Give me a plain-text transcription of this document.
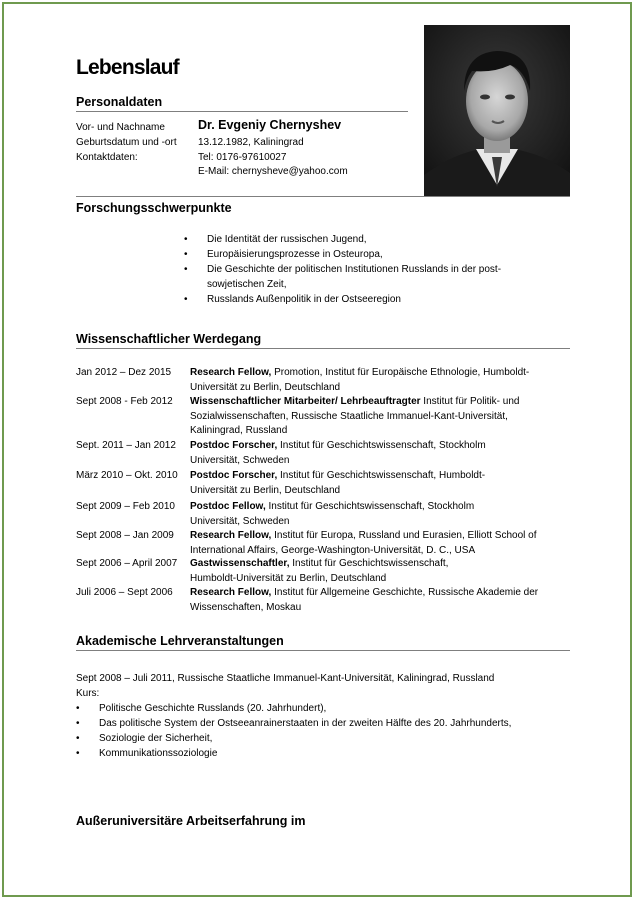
Lebenslauf
Personaldaten
Vor- und Nachname
Geburtsdatum und -ort
Kontaktdaten:
Dr. Evgeniy Chernyshev
13.12.1982, Kaliningrad
Tel: 0176-97610027
E-Mail: chernysheve@yahoo.com
Forschungsschwerpunkte
• Die Identität der russischen Jugend,
• Europäisierungsprozesse in Osteuropa,
• Die Geschichte der politischen Institutionen Russlands in der post-sowjetischen Zeit,
• Russlands Außenpolitik in der Ostseeregion
Wissenschaftlicher Werdegang
Jan 2012 – Dez 2015 Research Fellow, Promotion, Institut für Europäische Ethnologie, Humboldt-Universität zu Berlin, Deutschland
Sept 2008 - Feb 2012 Wissenschaftlicher Mitarbeiter/ Lehrbeauftragter Institut für Politik- und Sozialwissenschaften, Russische Staatliche Immanuel-Kant-Universität, Kaliningrad, Russland
Sept. 2011 – Jan 2012 Postdoc Forscher, Institut für Geschichtswissenschaft, Stockholm Universität, Schweden
März 2010 – Okt. 2010 Postdoc Forscher, Institut für Geschichtswissenschaft, Humboldt-Universität zu Berlin, Deutschland
Sept 2009 – Feb 2010 Postdoc Fellow, Institut für Geschichtswissenschaft, Stockholm Universität, Schweden
Sept 2008 – Jan 2009 Research Fellow, Institut für Europa, Russland und Eurasien, Elliott School of International Affairs, George-Washington-Universität, D. C., USA
Sept 2006 – April 2007 Gastwissenschaftler, Institut für Geschichtswissenschaft, Humboldt-Universität zu Berlin, Deutschland
Juli 2006 – Sept 2006 Research Fellow, Institut für Allgemeine Geschichte, Russische Akademie der Wissenschaften, Moskau
Akademische Lehrveranstaltungen
Sept 2008 – Juli 2011, Russische Staatliche Immanuel-Kant-Universität, Kaliningrad, Russland
Kurs:
• Politische Geschichte Russlands (20. Jahrhundert),
• Das politische System der Ostseeanrainerstaaten in der zweiten Hälfte des 20. Jahrhunderts,
• Soziologie der Sicherheit,
• Kommunikationssoziologie
Außeruniversitäre Arbeitserfahrung im
